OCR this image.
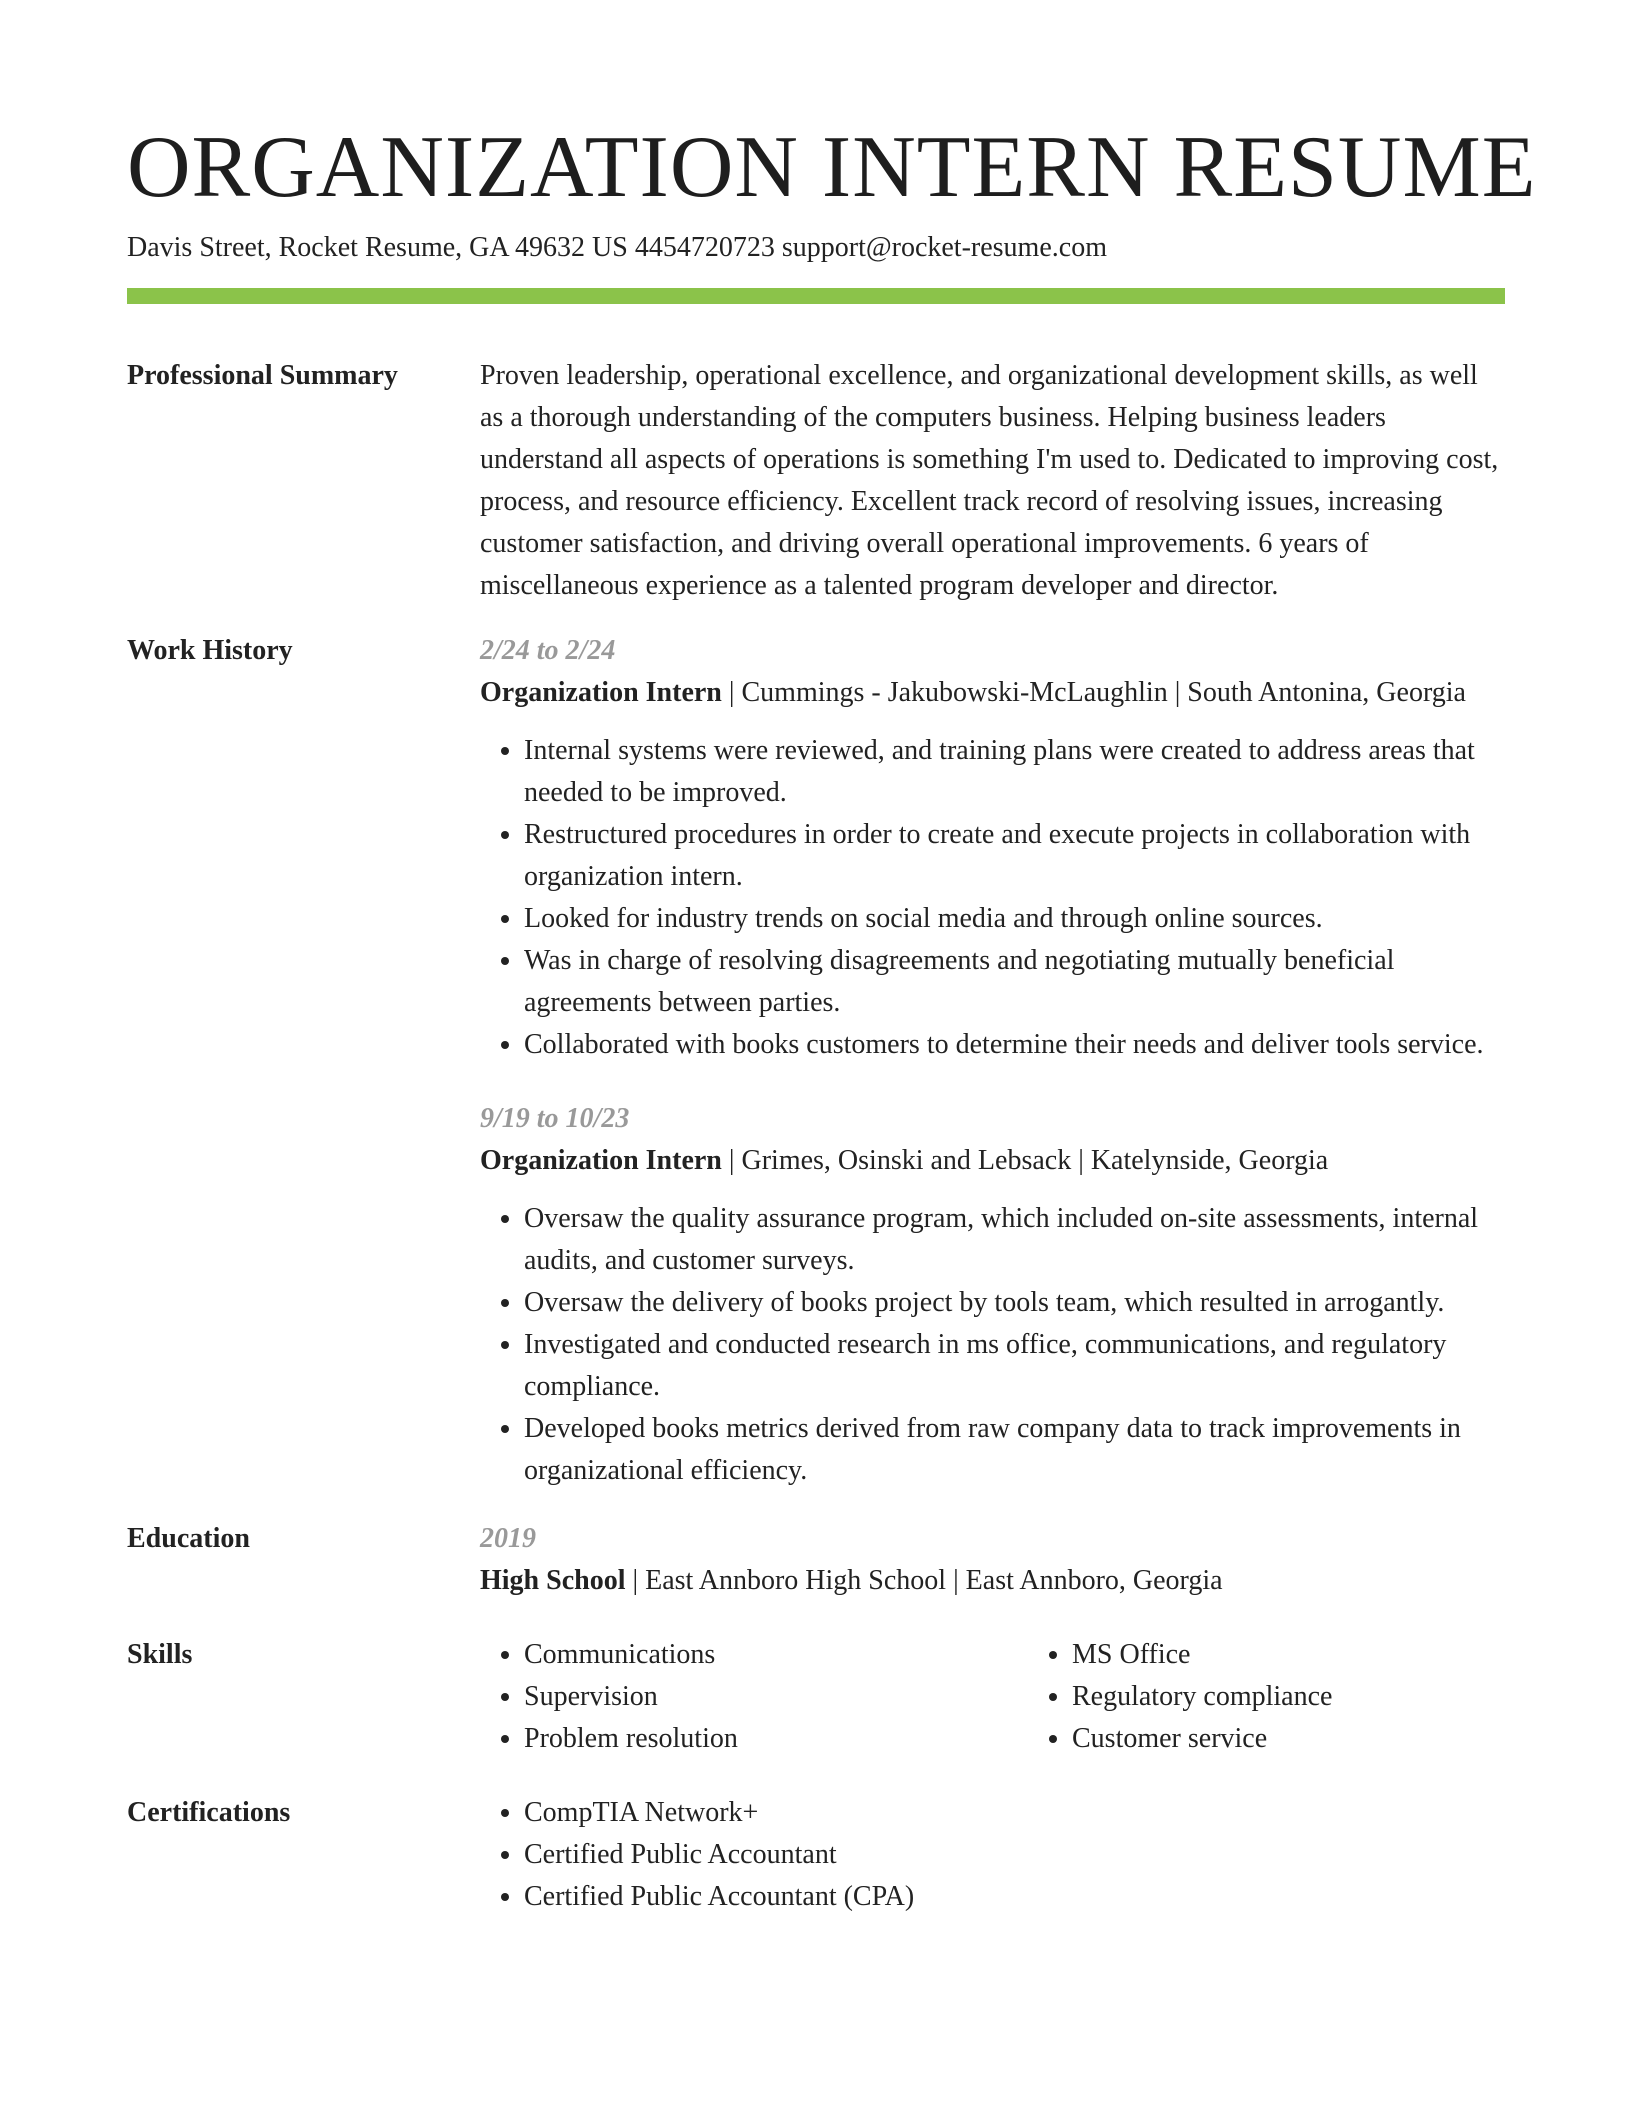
ORGANIZATION INTERN RESUME
Davis Street, Rocket Resume, GA 49632 US 4454720723 support@rocket-resume.com
Professional Summary	Proven leadership, operational excellence, and organizational development skills, as well as a thorough understanding of the computers business. Helping business leaders understand all aspects of operations is something I'm used to. Dedicated to improving cost, process, and resource efficiency. Excellent track record of resolving issues, increasing customer satisfaction, and driving overall operational improvements. 6 years of miscellaneous experience as a talented program developer and director.
Work History	2/24 to 2/24
Organization Intern | Cummings - Jakubowski-McLaughlin | South Antonina, Georgia
• Internal systems were reviewed, and training plans were created to address areas that needed to be improved.
• Restructured procedures in order to create and execute projects in collaboration with organization intern.
• Looked for industry trends on social media and through online sources.
• Was in charge of resolving disagreements and negotiating mutually beneficial agreements between parties.
• Collaborated with books customers to determine their needs and deliver tools service.
9/19 to 10/23
Organization Intern | Grimes, Osinski and Lebsack | Katelynside, Georgia
• Oversaw the quality assurance program, which included on-site assessments, internal audits, and customer surveys.
• Oversaw the delivery of books project by tools team, which resulted in arrogantly.
• Investigated and conducted research in ms office, communications, and regulatory compliance.
• Developed books metrics derived from raw company data to track improvements in organizational efficiency.
Education	2019
High School | East Annboro High School | East Annboro, Georgia
Skills	• Communications
• Supervision
• Problem resolution
• MS Office
• Regulatory compliance
• Customer service
Certifications	• CompTIA Network+
• Certified Public Accountant
• Certified Public Accountant (CPA)
